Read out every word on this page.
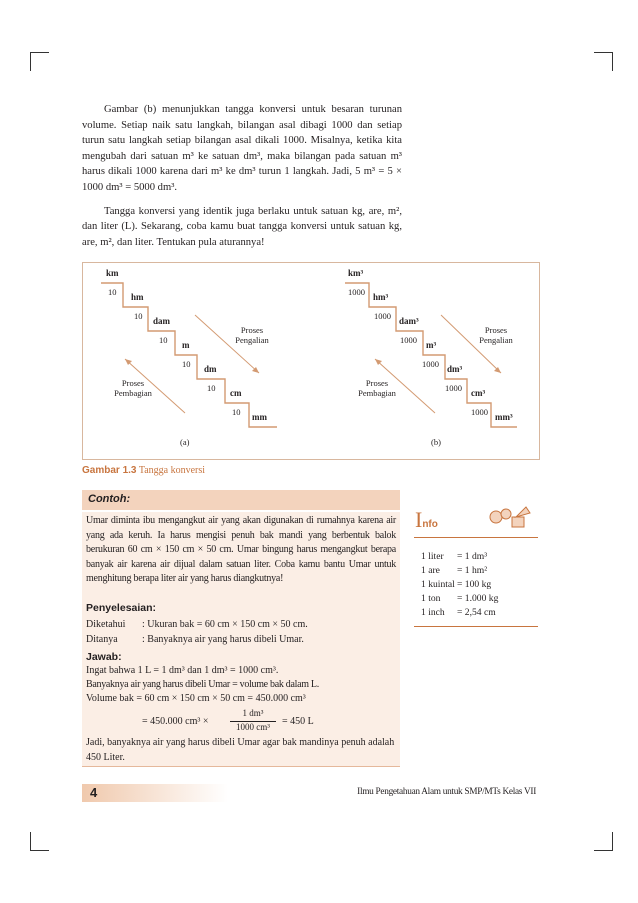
Gambar (b) menunjukkan tangga konversi untuk besaran turunan volume. Setiap naik satu langkah, bilangan asal dibagi 1000 dan setiap turun satu langkah setiap bilangan asal dikali 1000. Misalnya, ketika kita mengubah dari satuan m³ ke satuan dm³, maka bilangan pada satuan m³ harus dikali 1000 karena dari m³ ke dm³ turun 1 langkah. Jadi, 5 m³ = 5 × 1000 dm³ = 5000 dm³.

Tangga konversi yang identik juga berlaku untuk satuan kg, are, m², dan liter (L). Sekarang, coba kamu buat tangga konversi untuk satuan kg, are, m², dan liter. Tentukan pula aturannya!

km
hm
dam
m
dm
cm
mm
10
10
10
10
10
10
Proses Pengalian
Proses Pembagian
(a)
km³
hm³
dam³
m³
dm³
cm³
mm³
1000
1000
1000
1000
1000
1000
Proses Pengalian
Proses Pembagian
(b)
Gambar 1.3 Tangga konversi
Contoh:
Umar diminta ibu mengangkut air yang akan digunakan di rumahnya karena air yang ada keruh. Ia harus mengisi penuh bak mandi yang berbentuk balok berukuran 60 cm × 150 cm × 50 cm. Umar bingung harus mengangkut berapa banyak air karena air dijual dalam satuan liter. Coba kamu bantu Umar untuk menghitung berapa liter air yang harus diangkutnya!
Penyelesaian:
Diketahui : Ukuran bak = 60 cm × 150 cm × 50 cm.
Ditanya : Banyaknya air yang harus dibeli Umar.
Jawab:
Ingat bahwa 1 L = 1 dm³ dan 1 dm³ = 1000 cm³.
Banyaknya air yang harus dibeli Umar = volume bak dalam L.
Volume bak = 60 cm × 150 cm × 50 cm = 450.000 cm³
= 450.000 cm³ ×
1 dm³
1000 cm³	= 450 L
Jadi, banyaknya air yang harus dibeli Umar agar bak mandinya penuh adalah 450 Liter.
Info
1 liter = 1 dm³
1 are = 1 hm²
1 kuintal = 100 kg
1 ton = 1.000 kg
1 inch = 2,54 cm
4	Ilmu Pengetahuan Alam untuk SMP/MTs Kelas VII
